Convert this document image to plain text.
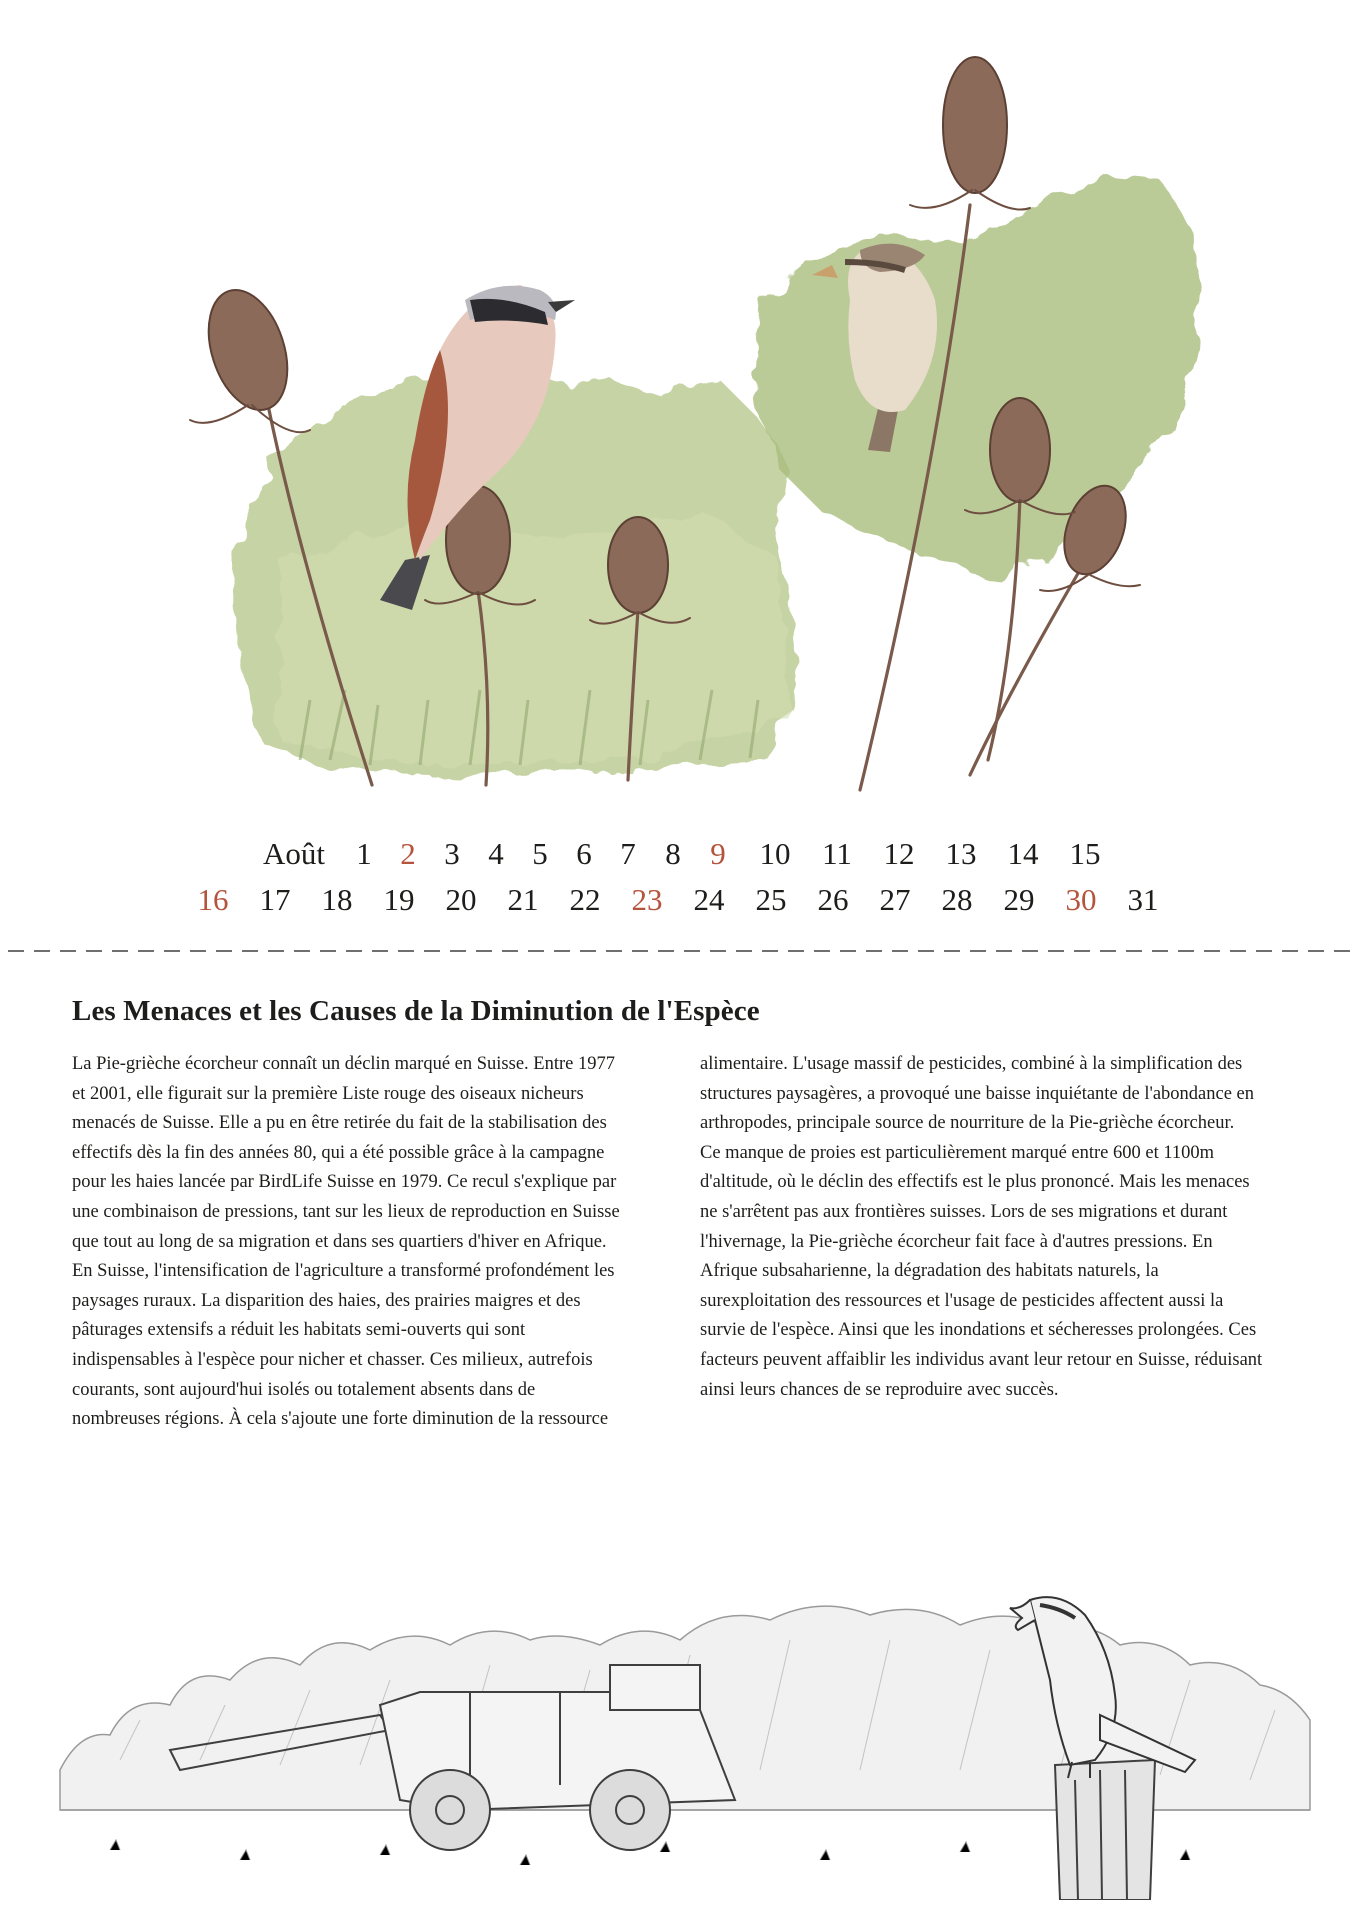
Août	1 2 3 4 5 6 7 8 9	10	11	12	13	14	15
16	17	18	19	20	21	22	23	24	25	26	27	28	29	30	31
Les Menaces et les Causes de la Diminution de l'Espèce
La Pie-grièche écorcheur connaît un déclin marqué en Suisse. Entre 1977
et 2001, elle figurait sur la première Liste rouge des oiseaux nicheurs
menacés de Suisse. Elle a pu en être retirée du fait de la stabilisation des
effectifs dès la fin des années 80, qui a été possible grâce à la campagne
pour les haies lancée par BirdLife Suisse en 1979. Ce recul s'explique par
une combinaison de pressions, tant sur les lieux de reproduction en Suisse
que tout au long de sa migration et dans ses quartiers d'hiver en Afrique.
En Suisse, l'intensification de l'agriculture a transformé profondément les
paysages ruraux. La disparition des haies, des prairies maigres et des
pâturages extensifs a réduit les habitats semi-ouverts qui sont
indispensables à l'espèce pour nicher et chasser. Ces milieux, autrefois
courants, sont aujourd'hui isolés ou totalement absents dans de
nombreuses régions. À cela s'ajoute une forte diminution de la ressource
alimentaire. L'usage massif de pesticides, combiné à la simplification des
structures paysagères, a provoqué une baisse inquiétante de l'abondance en
arthropodes, principale source de nourriture de la Pie-grièche écorcheur.
Ce manque de proies est particulièrement marqué entre 600 et 1100m
d'altitude, où le déclin des effectifs est le plus prononcé. Mais les menaces
ne s'arrêtent pas aux frontières suisses. Lors de ses migrations et durant
l'hivernage, la Pie-grièche écorcheur fait face à d'autres pressions. En
Afrique subsaharienne, la dégradation des habitats naturels, la
surexploitation des ressources et l'usage de pesticides affectent aussi la
survie de l'espèce. Ainsi que les inondations et sécheresses prolongées. Ces
facteurs peuvent affaiblir les individus avant leur retour en Suisse, réduisant
ainsi leurs chances de se reproduire avec succès.
